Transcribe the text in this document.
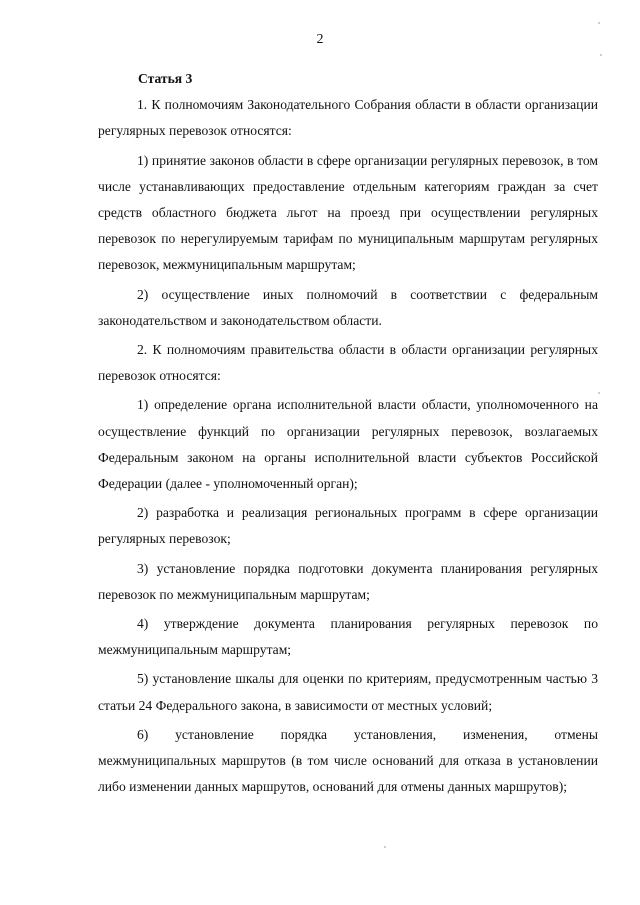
2

Статья 3

1. К полномочиям Законодательного Собрания области в области организации регулярных перевозок относятся:

1) принятие законов области в сфере организации регулярных перевозок, в том числе устанавливающих предоставление отдельным категориям граждан за счет средств областного бюджета льгот на проезд при осуществлении регулярных перевозок по нерегулируемым тарифам по муниципальным маршрутам регулярных перевозок, межмуниципальным маршрутам;

2) осуществление иных полномочий в соответствии с федеральным законодательством и законодательством области.

2. К полномочиям правительства области в области организации регулярных перевозок относятся:

1) определение органа исполнительной власти области, уполномоченного на осуществление функций по организации регулярных перевозок, возлагаемых Федеральным законом на органы исполнительной власти субъектов Российской Федерации (далее - уполномоченный орган);

2) разработка и реализация региональных программ в сфере организации регулярных перевозок;

3) установление порядка подготовки документа планирования регулярных перевозок по межмуниципальным маршрутам;

4) утверждение документа планирования регулярных перевозок по межмуниципальным маршрутам;

5) установление шкалы для оценки по критериям, предусмотренным частью 3 статьи 24 Федерального закона, в зависимости от местных условий;

6) установление порядка установления, изменения, отмены межмуниципальных маршрутов (в том числе оснований для отказа в установлении либо изменении данных маршрутов, оснований для отмены данных маршрутов);
